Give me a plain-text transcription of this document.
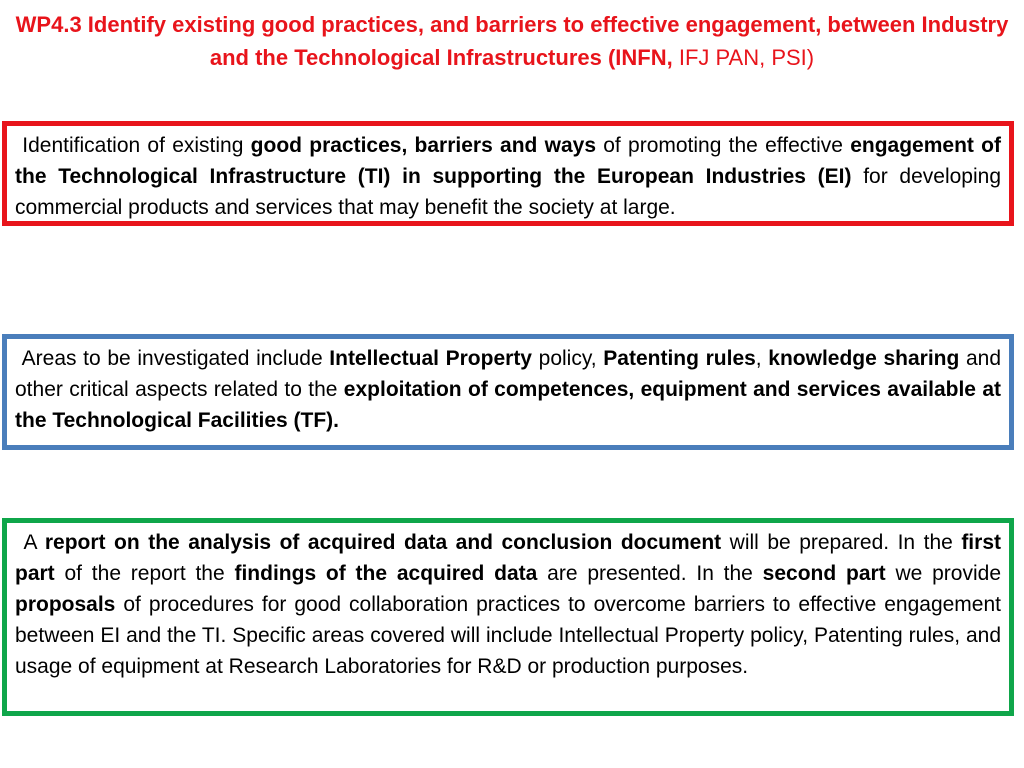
WP4.3 Identify existing good practices, and barriers to effective engagement, between Industry and the Technological Infrastructures (INFN, IFJ PAN, PSI)
Identification of existing good practices, barriers and ways of promoting the effective engagement of the Technological Infrastructure (TI) in supporting the European Industries (EI) for developing commercial products and services that may benefit the society at large.
Areas to be investigated include Intellectual Property policy, Patenting rules, knowledge sharing and other critical aspects related to the exploitation of competences, equipment and services available at the Technological Facilities (TF).
A report on the analysis of acquired data and conclusion document will be prepared. In the first part of the report the findings of the acquired data are presented. In the second part we provide proposals of procedures for good collaboration practices to overcome barriers to effective engagement between EI and the TI. Specific areas covered will include Intellectual Property policy, Patenting rules, and usage of equipment at Research Laboratories for R&D or production purposes.
